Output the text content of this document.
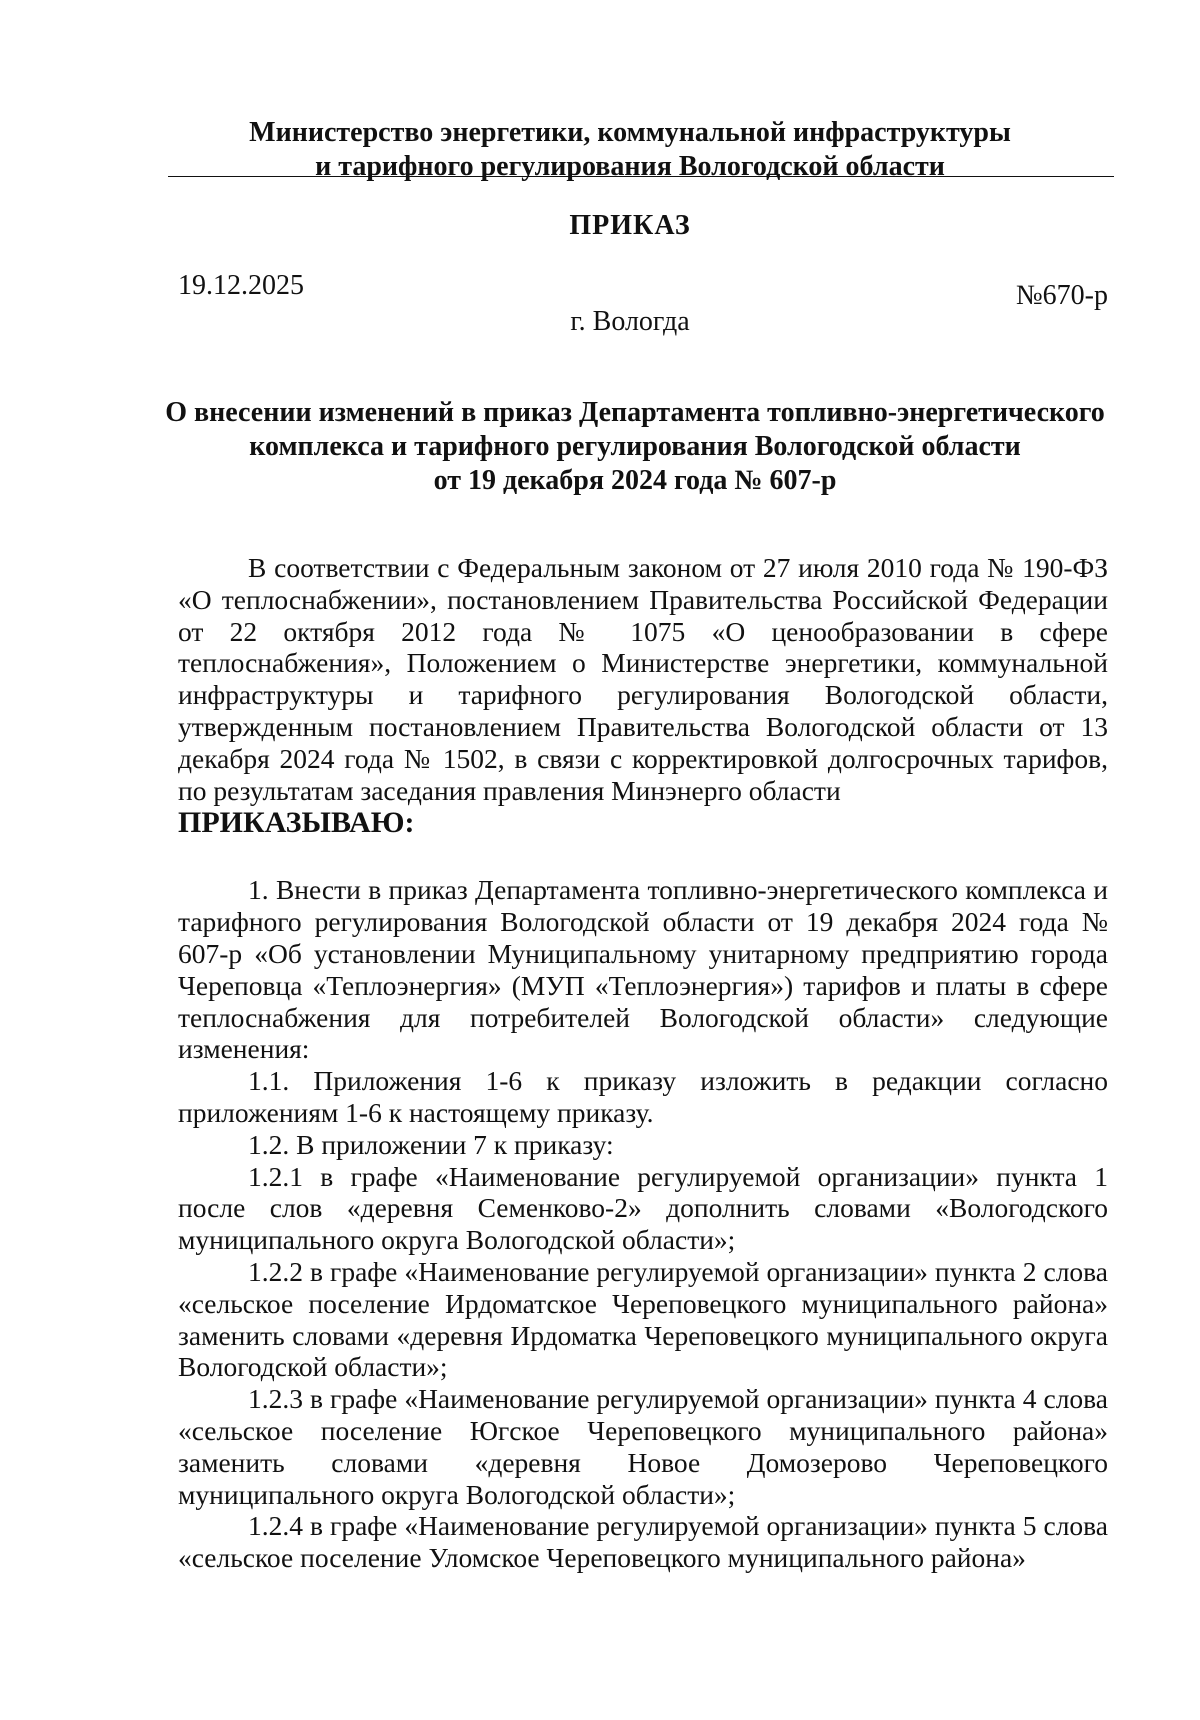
Министерство энергетики, коммунальной инфраструктуры
и тарифного регулирования Вологодской области
ПРИКАЗ
19.12.2025	№670-р
г. Вологда
О внесении изменений в приказ Департамента топливно-энергетического
комплекса и тарифного регулирования Вологодской области
от 19 декабря 2024 года № 607-р

В соответствии с Федеральным законом от 27 июля 2010 года № 190-ФЗ «О теплоснабжении», постановлением Правительства Российской Федерации от 22 октября 2012 года № 1075 «О ценообразовании в сфере теплоснабжения», Положением о Министерстве энергетики, коммунальной инфраструктуры и тарифного регулирования Вологодской области, утвержденным постановлением Правительства Вологодской области от 13 декабря 2024 года № 1502, в связи с корректировкой долгосрочных тарифов, по результатам заседания правления Минэнерго области

ПРИКАЗЫВАЮ:

1. Внести в приказ Департамента топливно-энергетического комплекса и тарифного регулирования Вологодской области от 19 декабря 2024 года № 607-р «Об установлении Муниципальному унитарному предприятию города Череповца «Теплоэнергия» (МУП «Теплоэнергия») тарифов и платы в сфере теплоснабжения для потребителей Вологодской области» следующие изменения:

1.1. Приложения 1-6 к приказу изложить в редакции согласно приложениям 1-6 к настоящему приказу.

1.2. В приложении 7 к приказу:

1.2.1 в графе «Наименование регулируемой организации» пункта 1 после слов «деревня Семенково-2» дополнить словами «Вологодского муниципального округа Вологодской области»;

1.2.2 в графе «Наименование регулируемой организации» пункта 2 слова «сельское поселение Ирдоматское Череповецкого муниципального района» заменить словами «деревня Ирдоматка Череповецкого муниципального округа Вологодской области»;

1.2.3 в графе «Наименование регулируемой организации» пункта 4 слова «сельское поселение Югское Череповецкого муниципального района» заменить словами «деревня Новое Домозерово Череповецкого муниципального округа Вологодской области»;

1.2.4 в графе «Наименование регулируемой организации» пункта 5 слова «сельское поселение Уломское Череповецкого муниципального района»
